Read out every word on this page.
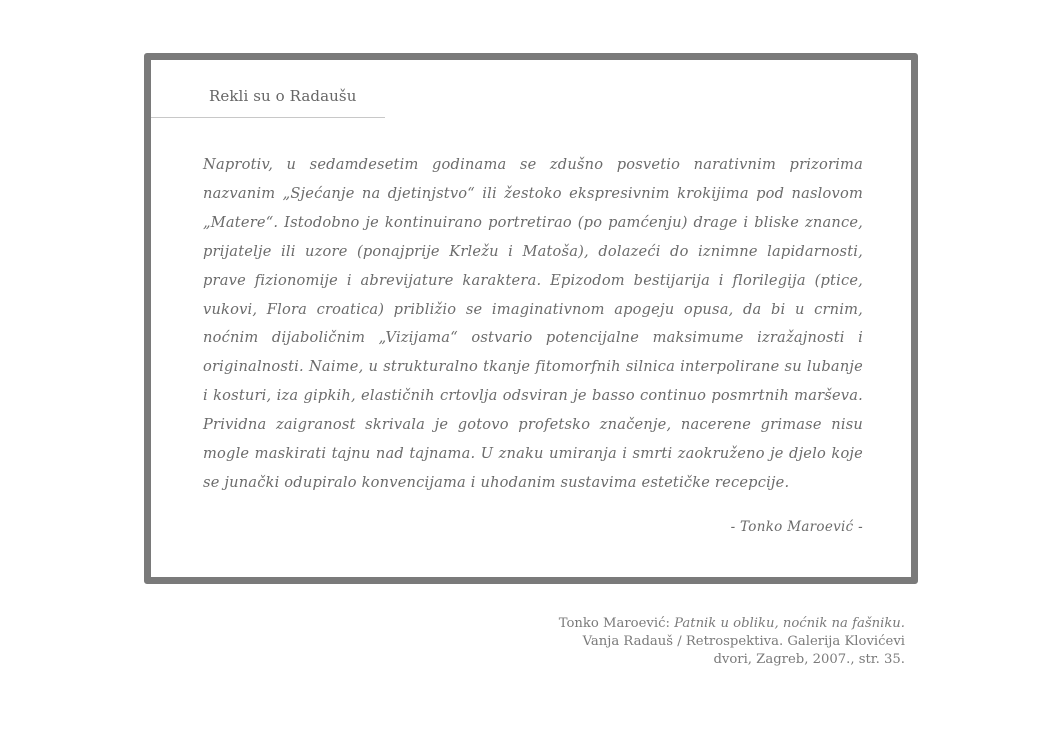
Rekli su o Radaušu

Naprotiv, u sedamdesetim godinama se zdušno posvetio narativnim prizorima nazvanim „Sjećanje na djetinjstvo“ ili žestoko ekspresivnim krokijima pod naslovom „Matere“. Istodobno je kontinuirano portretirao (po pamćenju) drage i bliske znance, prijatelje ili uzore (ponajprije Krležu i Matoša), dolazeći do iznimne lapidarnosti, prave fizionomije i abrevijature karaktera. Epizodom bestijarija i florilegija (ptice, vukovi, Flora croatica) približio se imaginativnom apogeju opusa, da bi u crnim, noćnim dijaboličnim „Vizijama“ ostvario potencijalne maksimume izražajnosti i originalnosti. Naime, u strukturalno tkanje fitomorfnih silnica interpolirane su lubanje i kosturi, iza gipkih, elastičnih crtovlja odsviran je basso continuo posmrtnih marševa. Prividna zaigranost skrivala je gotovo profetsko značenje, nacerene grimase nisu mogle maskirati tajnu nad tajnama. U znaku umiranja i smrti zaokruženo je djelo koje se junački odupiralo konvencijama i uhodanim sustavima estetičke recepcije.

- Tonko Maroević -

Tonko Maroević: Patnik u obliku, noćnik na fašniku.
Vanja Radauš / Retrospektiva. Galerija Klovićevi
dvori, Zagreb, 2007., str. 35.
